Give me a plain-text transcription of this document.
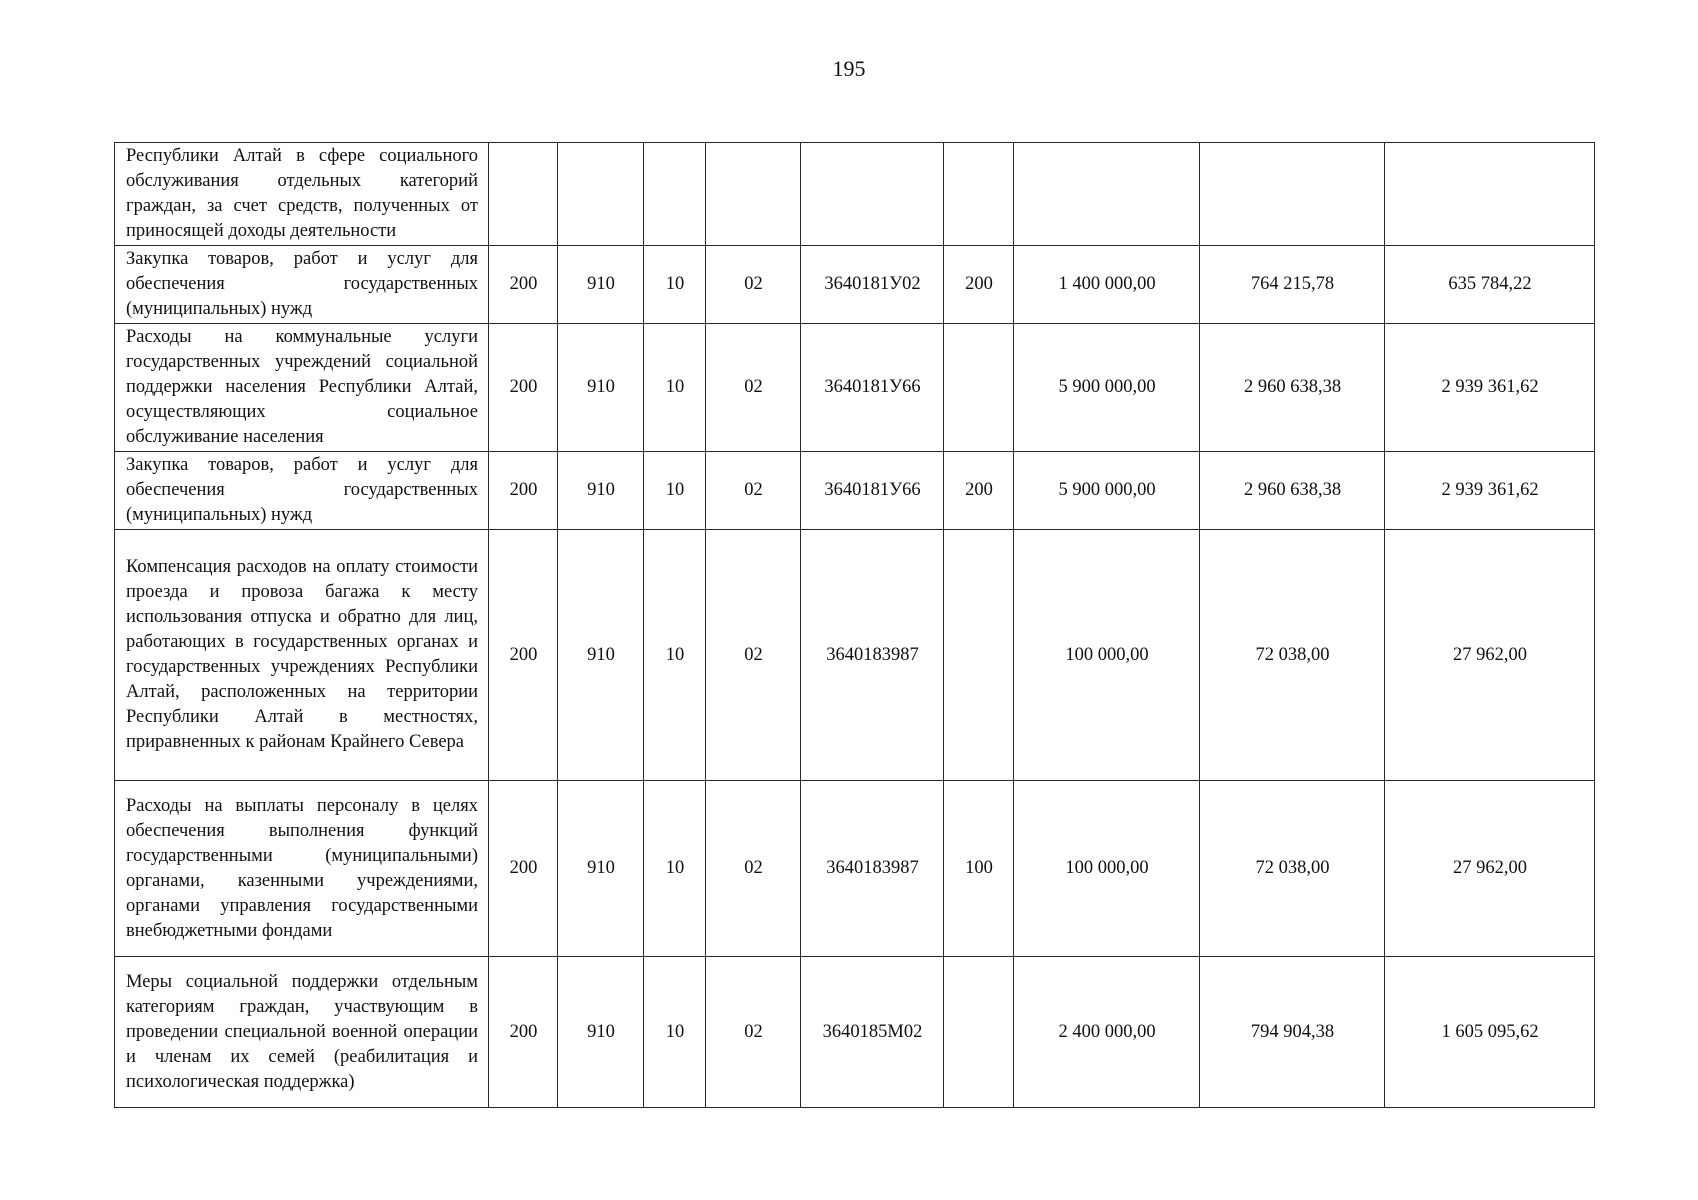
195
Республики Алтай в сфере социального обслуживания отдельных категорий граждан, за счет средств, полученных от приносящей доходы деятельности									
Закупка товаров, работ и услуг для обеспечения государственных (муниципальных) нужд	200	910	10	02	3640181У02	200	1 400 000,00	764 215,78	635 784,22
Расходы на коммунальные услуги государственных учреждений социальной поддержки населения Республики Алтай, осуществляющих социальное обслуживание населения	200	910	10	02	3640181У66		5 900 000,00	2 960 638,38	2 939 361,62
Закупка товаров, работ и услуг для обеспечения государственных (муниципальных) нужд	200	910	10	02	3640181У66	200	5 900 000,00	2 960 638,38	2 939 361,62
Компенсация расходов на оплату стоимости проезда и провоза багажа к месту использования отпуска и обратно для лиц, работающих в государственных органах и государственных учреждениях Республики Алтай, расположенных на территории Республики Алтай в местностях, приравненных к районам Крайнего Севера	200	910	10	02	3640183987		100 000,00	72 038,00	27 962,00
Расходы на выплаты персоналу в целях обеспечения выполнения функций государственными (муниципальными) органами, казенными учреждениями, органами управления государственными внебюджетными фондами	200	910	10	02	3640183987	100	100 000,00	72 038,00	27 962,00
Меры социальной поддержки отдельным категориям граждан, участвующим в проведении специальной военной операции и членам их семей (реабилитация и психологическая поддержка)	200	910	10	02	3640185М02		2 400 000,00	794 904,38	1 605 095,62
